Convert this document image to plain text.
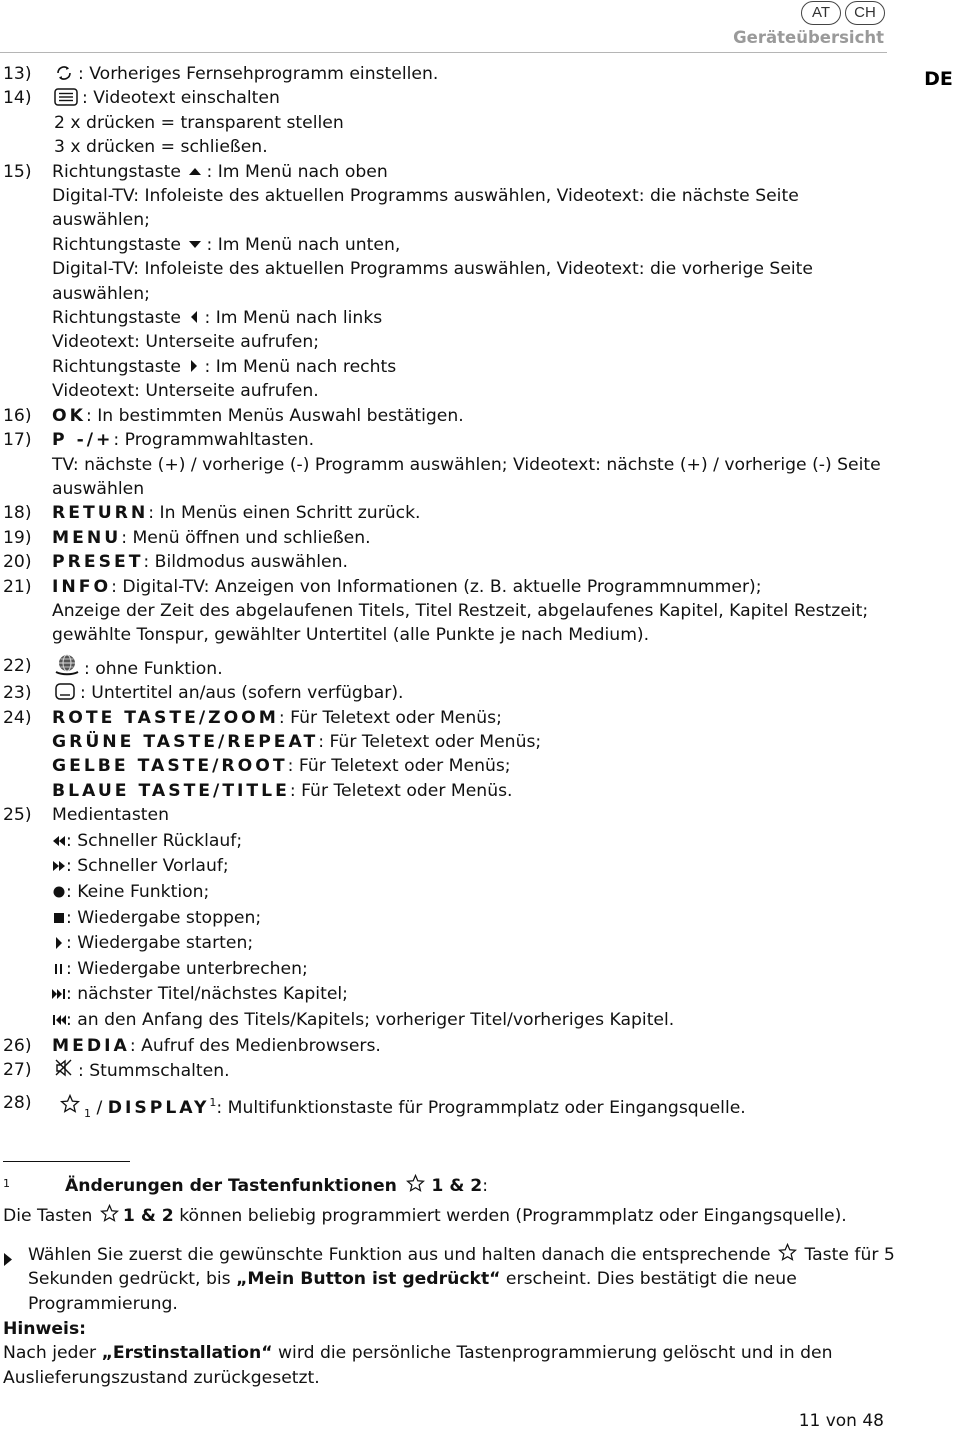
AT	CH
Geräteübersicht
DE
13)	: Vorheriges Fernsehprogramm einstellen.
14)	: Videotext einschalten
2 x drücken = transparent stellen
3 x drücken = schließen.
15) Richtungstaste : Im Menü nach oben
Digital-TV: Infoleiste des aktuellen Programms auswählen, Videotext: die nächste Seite auswählen;
Richtungstaste : Im Menü nach unten,
Digital-TV: Infoleiste des aktuellen Programms auswählen, Videotext: die vorherige Seite auswählen;
Richtungstaste : Im Menü nach links
Videotext: Unterseite aufrufen;
Richtungstaste : Im Menü nach rechts
Videotext: Unterseite aufrufen.
16) OK: In bestimmten Menüs Auswahl bestätigen.
17) P -/+: Programmwahltasten.
TV: nächste (+) / vorherige (-) Programm auswählen; Videotext: nächste (+) / vorherige (-) Seite auswählen
18) RETURN: In Menüs einen Schritt zurück.
19) MENU: Menü öffnen und schließen.
20) PRESET: Bildmodus auswählen.
21) INFO: Digital-TV: Anzeigen von Informationen (z. B. aktuelle Programmnummer);
Anzeige der Zeit des abgelaufenen Titels, Titel Restzeit, abgelaufenes Kapitel, Kapitel Restzeit; gewählte Tonspur, gewählter Untertitel (alle Punkte je nach Medium).
22)	: ohne Funktion.
23)	: Untertitel an/aus (sofern verfügbar).
24) ROTE TASTE/ZOOM: Für Teletext oder Menüs;
GRÜNE TASTE/REPEAT: Für Teletext oder Menüs;
GELBE TASTE/ROOT: Für Teletext oder Menüs;
BLAUE TASTE/TITLE: Für Teletext oder Menüs.
25) Medientasten
: Schneller Rücklauf;
: Schneller Vorlauf;
: Keine Funktion;
: Wiedergabe stoppen;
: Wiedergabe starten;
: Wiedergabe unterbrechen;
: nächster Titel/nächstes Kapitel;
: an den Anfang des Titels/Kapitels; vorheriger Titel/vorheriges Kapitel.
26) MEDIA: Aufruf des Medienbrowsers.
27)	: Stummschalten.
28)
$_1$ / DISPLAY$^1$: Multifunktionstaste für Programmplatz oder Eingangsquelle.
1	Änderungen der Tastenfunktionen 1 & 2:
Die Tasten 1 & 2 können beliebig programmiert werden (Programmplatz oder Eingangsquelle).
Wählen Sie zuerst die gewünschte Funktion aus und halten danach die entsprechende Taste für 5 Sekunden gedrückt, bis „Mein Button ist gedrückt“ erscheint. Dies bestätigt die neue Programmierung.
Hinweis:
Nach jeder „Erstinstallation“ wird die persönliche Tastenprogrammierung gelöscht und in den Auslieferungszustand zurückgesetzt.
11 von 48
